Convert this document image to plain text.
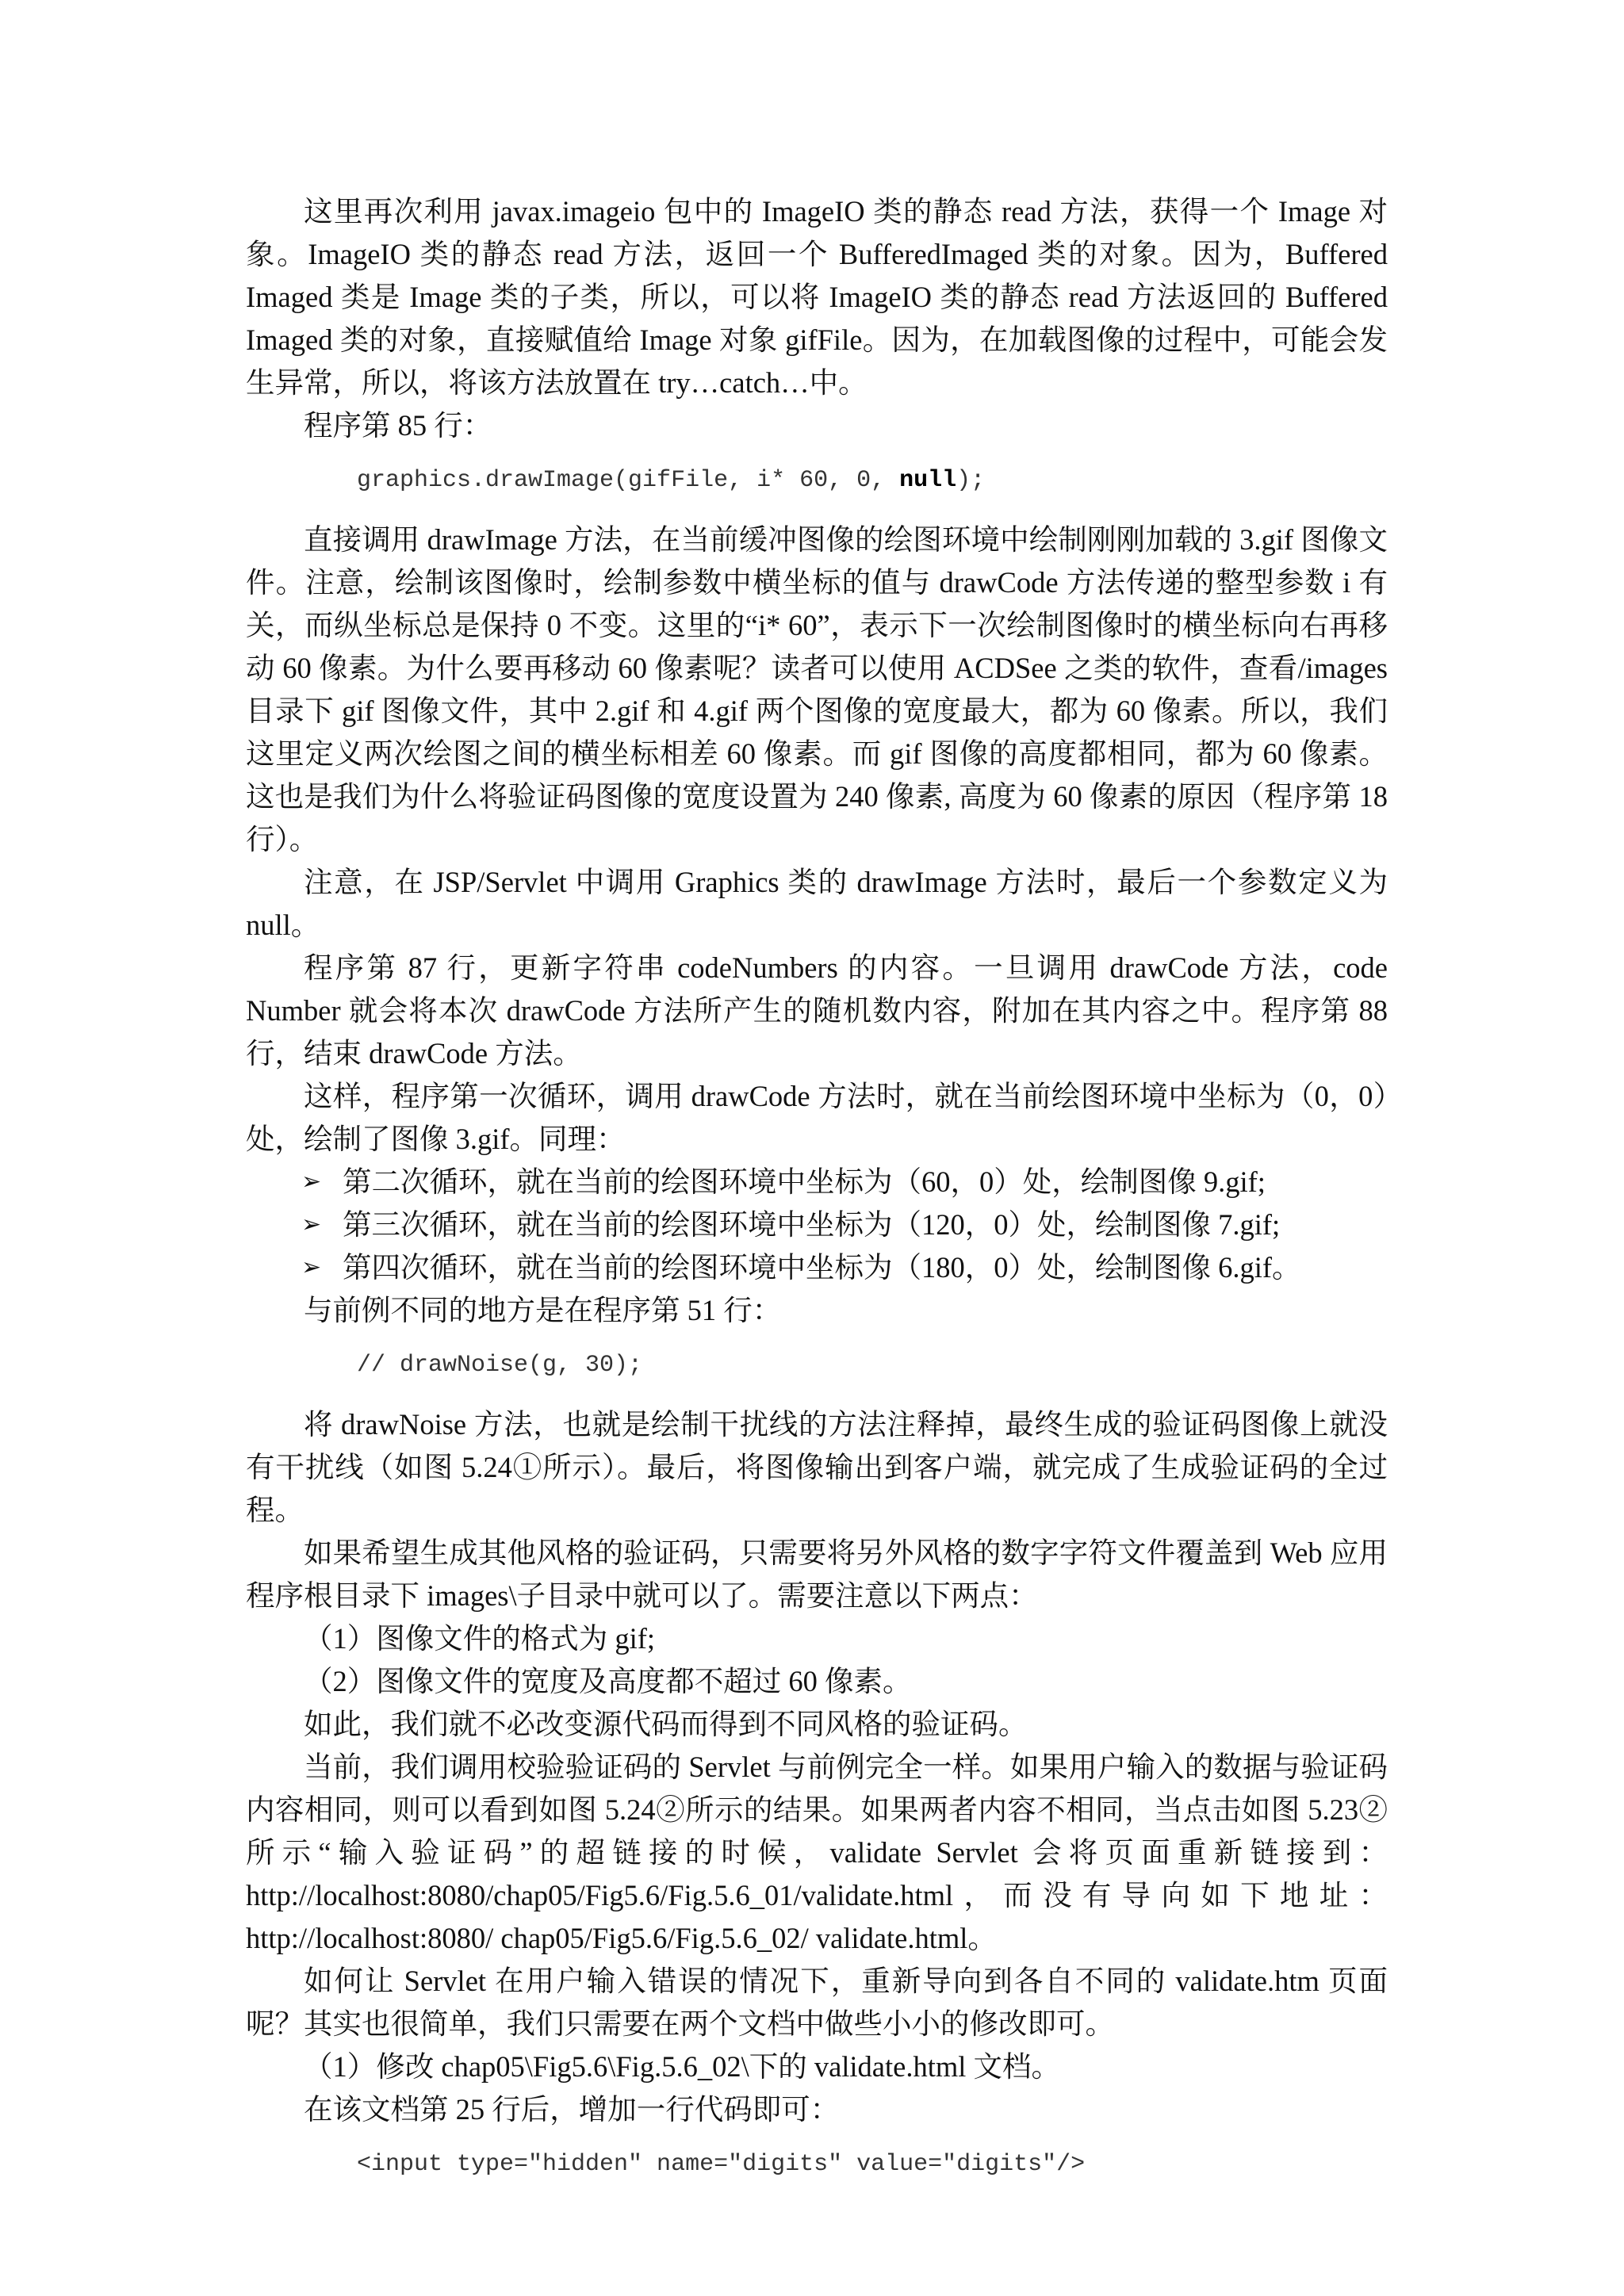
这里再次利用 javax.imageio 包中的 ImageIO 类的静态 read 方法，获得一个 Image 对象。ImageIO 类的静态 read 方法，返回一个 BufferedImaged 类的对象。因为，Buffered Imaged 类是 Image 类的子类，所以，可以将 ImageIO 类的静态 read 方法返回的 Buffered Imaged 类的对象，直接赋值给 Image 对象 gifFile。因为，在加载图像的过程中，可能会发生异常，所以，将该方法放置在 try…catch…中。

程序第 85 行：

graphics.drawImage(gifFile, i* 60, 0, null);

直接调用 drawImage 方法，在当前缓冲图像的绘图环境中绘制刚刚加载的 3.gif 图像文件。注意，绘制该图像时，绘制参数中横坐标的值与 drawCode 方法传递的整型参数 i 有关，而纵坐标总是保持 0 不变。这里的“i* 60”，表示下一次绘制图像时的横坐标向右再移动 60 像素。为什么要再移动 60 像素呢？读者可以使用 ACDSee 之类的软件，查看/images 目录下 gif 图像文件，其中 2.gif 和 4.gif 两个图像的宽度最大，都为 60 像素。所以，我们这里定义两次绘图之间的横坐标相差 60 像素。而 gif 图像的高度都相同，都为 60 像素。这也是我们为什么将验证码图像的宽度设置为 240 像素, 高度为 60 像素的原因（程序第 18 行）。

注意，在 JSP/Servlet 中调用 Graphics 类的 drawImage 方法时，最后一个参数定义为 null。

程序第 87 行，更新字符串 codeNumbers 的内容。一旦调用 drawCode 方法，code Number 就会将本次 drawCode 方法所产生的随机数内容，附加在其内容之中。程序第 88 行，结束 drawCode 方法。

这样，程序第一次循环，调用 drawCode 方法时，就在当前绘图环境中坐标为（0，0）处，绘制了图像 3.gif。同理：

➢ 第二次循环，就在当前的绘图环境中坐标为（60，0）处，绘制图像 9.gif;
➢ 第三次循环，就在当前的绘图环境中坐标为（120，0）处，绘制图像 7.gif;
➢ 第四次循环，就在当前的绘图环境中坐标为（180，0）处，绘制图像 6.gif。

与前例不同的地方是在程序第 51 行：

// drawNoise(g, 30);

将 drawNoise 方法，也就是绘制干扰线的方法注释掉，最终生成的验证码图像上就没有干扰线（如图 5.24①所示）。最后，将图像输出到客户端，就完成了生成验证码的全过程。

如果希望生成其他风格的验证码，只需要将另外风格的数字字符文件覆盖到 Web 应用程序根目录下 images\子目录中就可以了。需要注意以下两点：

（1）图像文件的格式为 gif;

（2）图像文件的宽度及高度都不超过 60 像素。

如此，我们就不必改变源代码而得到不同风格的验证码。

当前，我们调用校验验证码的 Servlet 与前例完全一样。如果用户输入的数据与验证码内容相同，则可以看到如图 5.24②所示的结果。如果两者内容不相同，当点击如图 5.23②所示“输入验证码”的超链接的时候，validate Servlet 会将页面重新链接到：http://localhost:8080/chap05/Fig5.6/Fig.5.6_01/validate.html，而没有导向如下地址：http://localhost:8080/ chap05/Fig5.6/Fig.5.6_02/ validate.html。

如何让 Servlet 在用户输入错误的情况下，重新导向到各自不同的 validate.htm 页面呢？其实也很简单，我们只需要在两个文档中做些小小的修改即可。

（1）修改 chap05\Fig5.6\Fig.5.6_02\下的 validate.html 文档。

在该文档第 25 行后，增加一行代码即可：

<input type="hidden" name="digits" value="digits"/>
